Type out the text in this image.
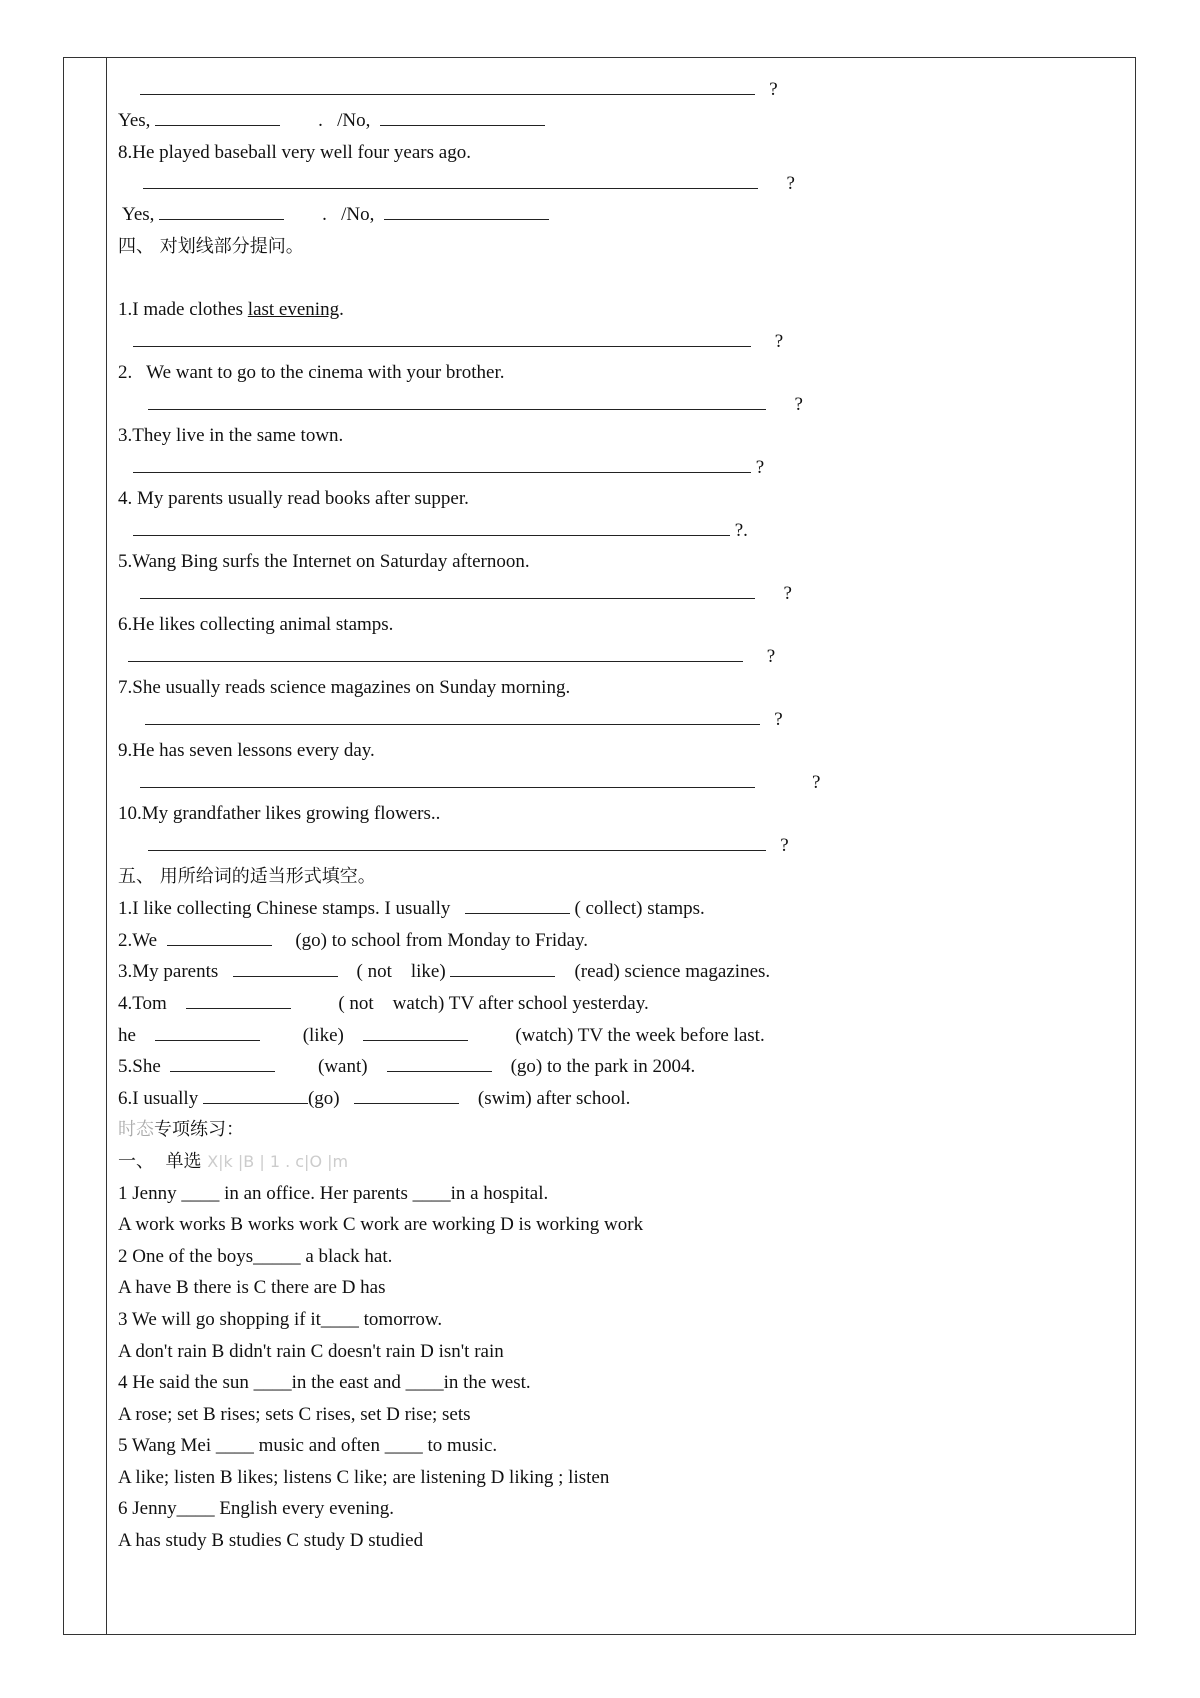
?
Yes,	. /No,
8.He played baseball very well four years ago.
?
Yes,	. /No,
四、 对划线部分提问。
1.I made clothes last evening.
?
2.   We want to go to the cinema with your brother.
?
3.They live in the same town.
?
4. My parents usually read books after supper.
?.
5.Wang Bing surfs the Internet on Saturday afternoon.
?
6.He likes collecting animal stamps.
?
7.She usually reads science magazines on Sunday morning.
?
9.He has seven lessons every day.
?
10.My grandfather likes growing flowers..
?
五、 用所给词的适当形式填空。
1.I like collecting Chinese stamps. I usually	( collect) stamps.
2.We	(go) to school from Monday to Friday.
3.My parents	( not    like)	(read) science magazines.
4.Tom	( not    watch) TV after school yesterday.
he	(like)	(watch) TV the week before last.
5.She	(want)	(go) to the park in 2004.
6.I usually	(go)	(swim) after school.
时态专项练习：
一、  单选 X|k |B | 1 . c|O |m
1 Jenny ____ in an office. Her parents ____in a hospital.
A work works B works work C work are working D is working work
2 One of the boys_____ a black hat.
A have B there is C there are D has
3 We will go shopping if it____ tomorrow.
A don't rain B didn't rain C doesn't rain D isn't rain
4 He said the sun ____in the east and ____in the west.
A rose; set B rises; sets C rises, set D rise; sets
5 Wang Mei ____ music and often ____ to music.
A like; listen B likes; listens C like; are listening D liking ; listen
6 Jenny____ English every evening.
A has study B studies C study D studied
